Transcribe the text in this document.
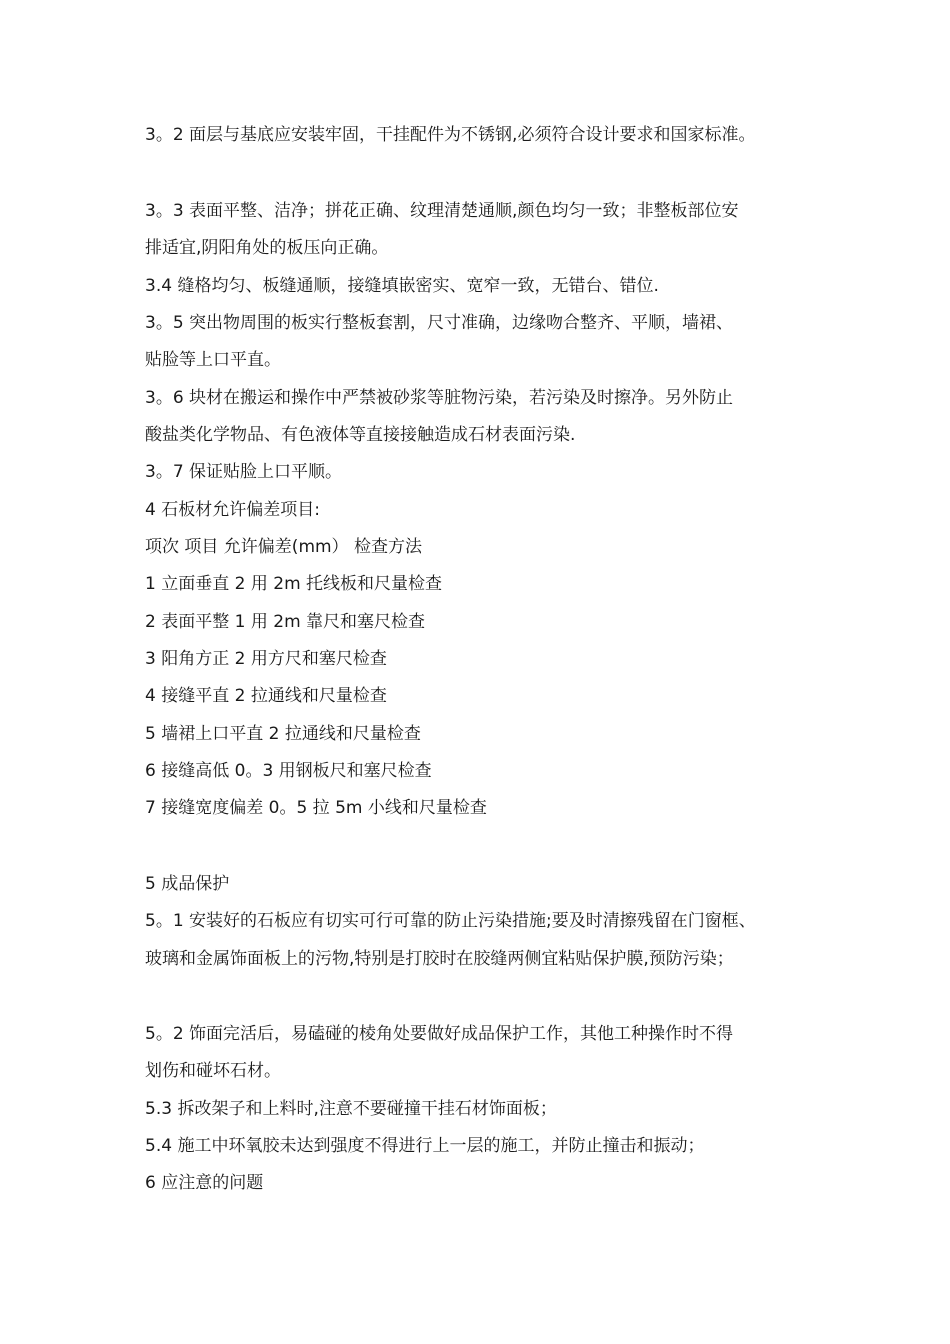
3。2 面层与基底应安装牢固，干挂配件为不锈钢,必须符合设计要求和国家标准。

3。3 表面平整、洁净；拼花正确、纹理清楚通顺,颜色均匀一致；非整板部位安

排适宜,阴阳角处的板压向正确。

3.4 缝格均匀、板缝通顺，接缝填嵌密实、宽窄一致，无错台、错位.

3。5 突出物周围的板实行整板套割，尺寸准确，边缘吻合整齐、平顺，墙裙、

贴脸等上口平直。

3。6 块材在搬运和操作中严禁被砂浆等脏物污染，若污染及时擦净。另外防止

酸盐类化学物品、有色液体等直接接触造成石材表面污染.

3。7 保证贴脸上口平顺。

4 石板材允许偏差项目:

项次 项目 允许偏差(mm） 检查方法

1 立面垂直 2 用 2m 托线板和尺量检查

2 表面平整 1 用 2m 靠尺和塞尺检查

3 阳角方正 2 用方尺和塞尺检查

4 接缝平直 2 拉通线和尺量检查

5 墙裙上口平直 2 拉通线和尺量检查

6 接缝高低 0。3 用钢板尺和塞尺检查

7 接缝宽度偏差 0。5 拉 5m 小线和尺量检查

5 成品保护

5。1 安装好的石板应有切实可行可靠的防止污染措施;要及时清擦残留在门窗框、

玻璃和金属饰面板上的污物,特别是打胶时在胶缝两侧宜粘贴保护膜,预防污染；

5。2 饰面完活后，易磕碰的棱角处要做好成品保护工作，其他工种操作时不得

划伤和碰坏石材。

5.3 拆改架子和上料时,注意不要碰撞干挂石材饰面板；

5.4 施工中环氧胶未达到强度不得进行上一层的施工，并防止撞击和振动；

6 应注意的问题
